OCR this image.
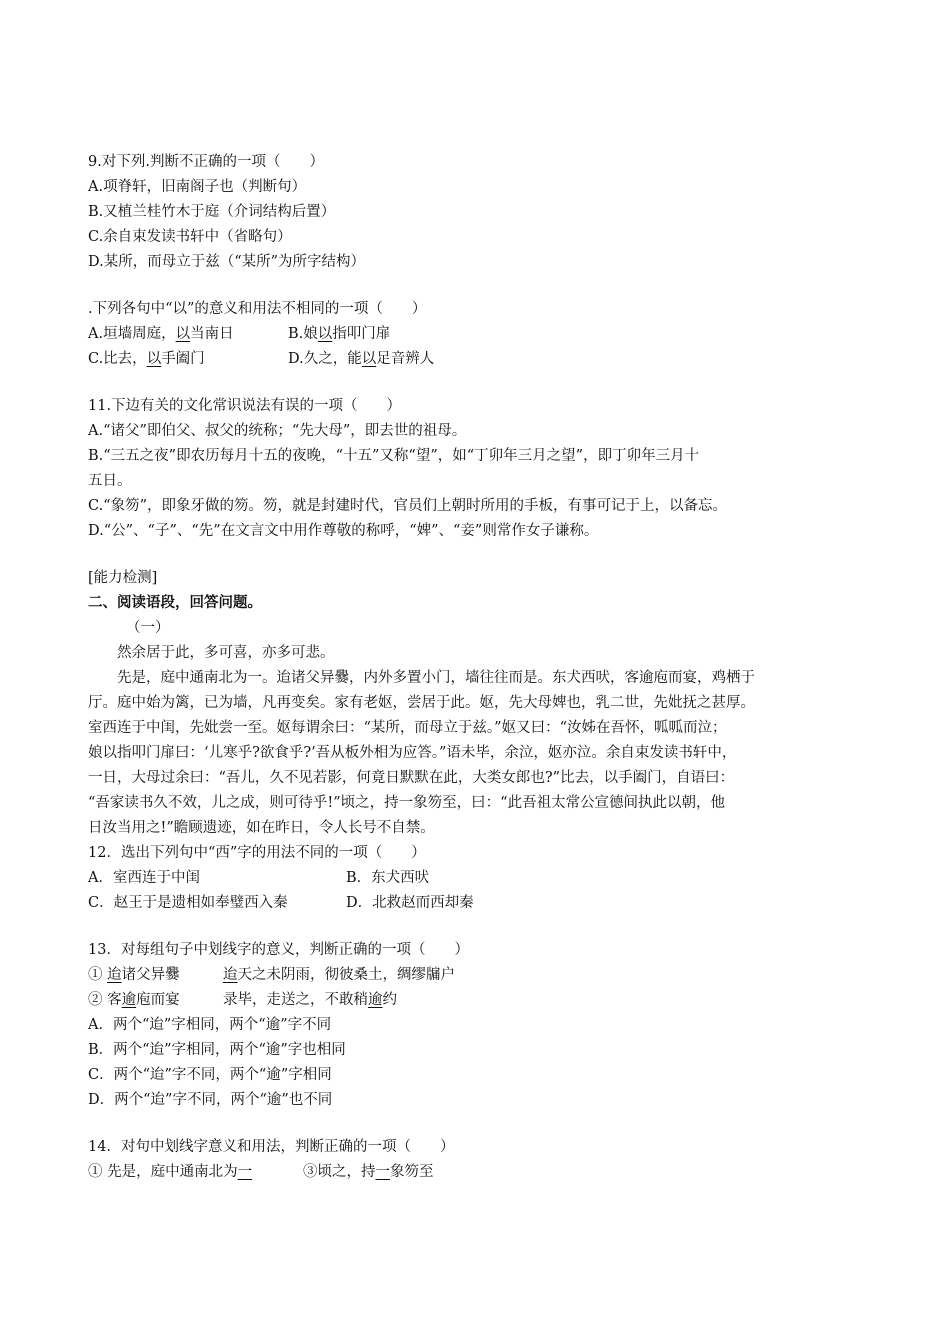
9.对下列.判断不正确的一项（　　）
A.项脊轩，旧南阁子也（判断句）
B.又植兰桂竹木于庭（介词结构后置）
C.余自束发读书轩中（省略句）
D.某所，而母立于兹（“某所”为所字结构）
.下列各句中“以”的意义和用法不相同的一项（　　）
A.垣墙周庭，以当南日	B.娘以指叩门扉
C.比去，以手阖门	D.久之，能以足音辨人
11.下边有关的文化常识说法有误的一项（　　）
A.“诸父”即伯父、叔父的统称；“先大母”，即去世的祖母。
B.“三五之夜”即农历每月十五的夜晚，“十五”又称“望”，如“丁卯年三月之望”，即丁卯年三月十
五日。
C.“象笏”，即象牙做的笏。笏，就是封建时代，官员们上朝时所用的手板，有事可记于上，以备忘。
D.“公”、“子”、“先”在文言文中用作尊敬的称呼，“婢”、“妾”则常作女子谦称。
[能力检测]
二、阅读语段，回答问题。
（一）
然余居于此，多可喜，亦多可悲。
先是，庭中通南北为一。迨诸父异爨，内外多置小门，墙往往而是。东犬西吠，客逾庖而宴，鸡栖于
厅。庭中始为篱，已为墙，凡再变矣。家有老妪，尝居于此。妪，先大母婢也，乳二世，先妣抚之甚厚。
室西连于中闺，先妣尝一至。妪每谓余曰：“某所，而母立于兹。”妪又曰：“汝姊在吾怀，呱呱而泣；
娘以指叩门扉曰：‘儿寒乎?欲食乎?’吾从板外相为应答。”语未毕，余泣，妪亦泣。余自束发读书轩中，
一日，大母过余曰：“吾儿，久不见若影，何竟日默默在此，大类女郎也?”比去，以手阖门，自语曰：
“吾家读书久不效，儿之成，则可待乎!”顷之，持一象笏至，曰：“此吾祖太常公宣德间执此以朝，他
日汝当用之!”瞻顾遗迹，如在昨日，令人长号不自禁。
12．选出下列句中“西”字的用法不同的一项（　　）
A．室西连于中闺	B．东犬西吠
C．赵王于是遗相如奉璧西入秦	D．北救赵而西却秦
13．对每组句子中划线字的意义，判断正确的一项（　　）
① 迨诸父异爨	迨天之未阴雨，彻彼桑土，绸缪牖户
② 客逾庖而宴	录毕，走送之，不敢稍逾约
A．两个“迨”字相同，两个“逾”字不同
B．两个“迨”字相同，两个“逾”字也相同
C．两个“迨”字不同，两个“逾”字相同
D．两个“迨”字不同，两个“逾”也不同
14．对句中划线字意义和用法，判断正确的一项（　　）
① 先是，庭中通南北为一	③顷之，持一象笏至
